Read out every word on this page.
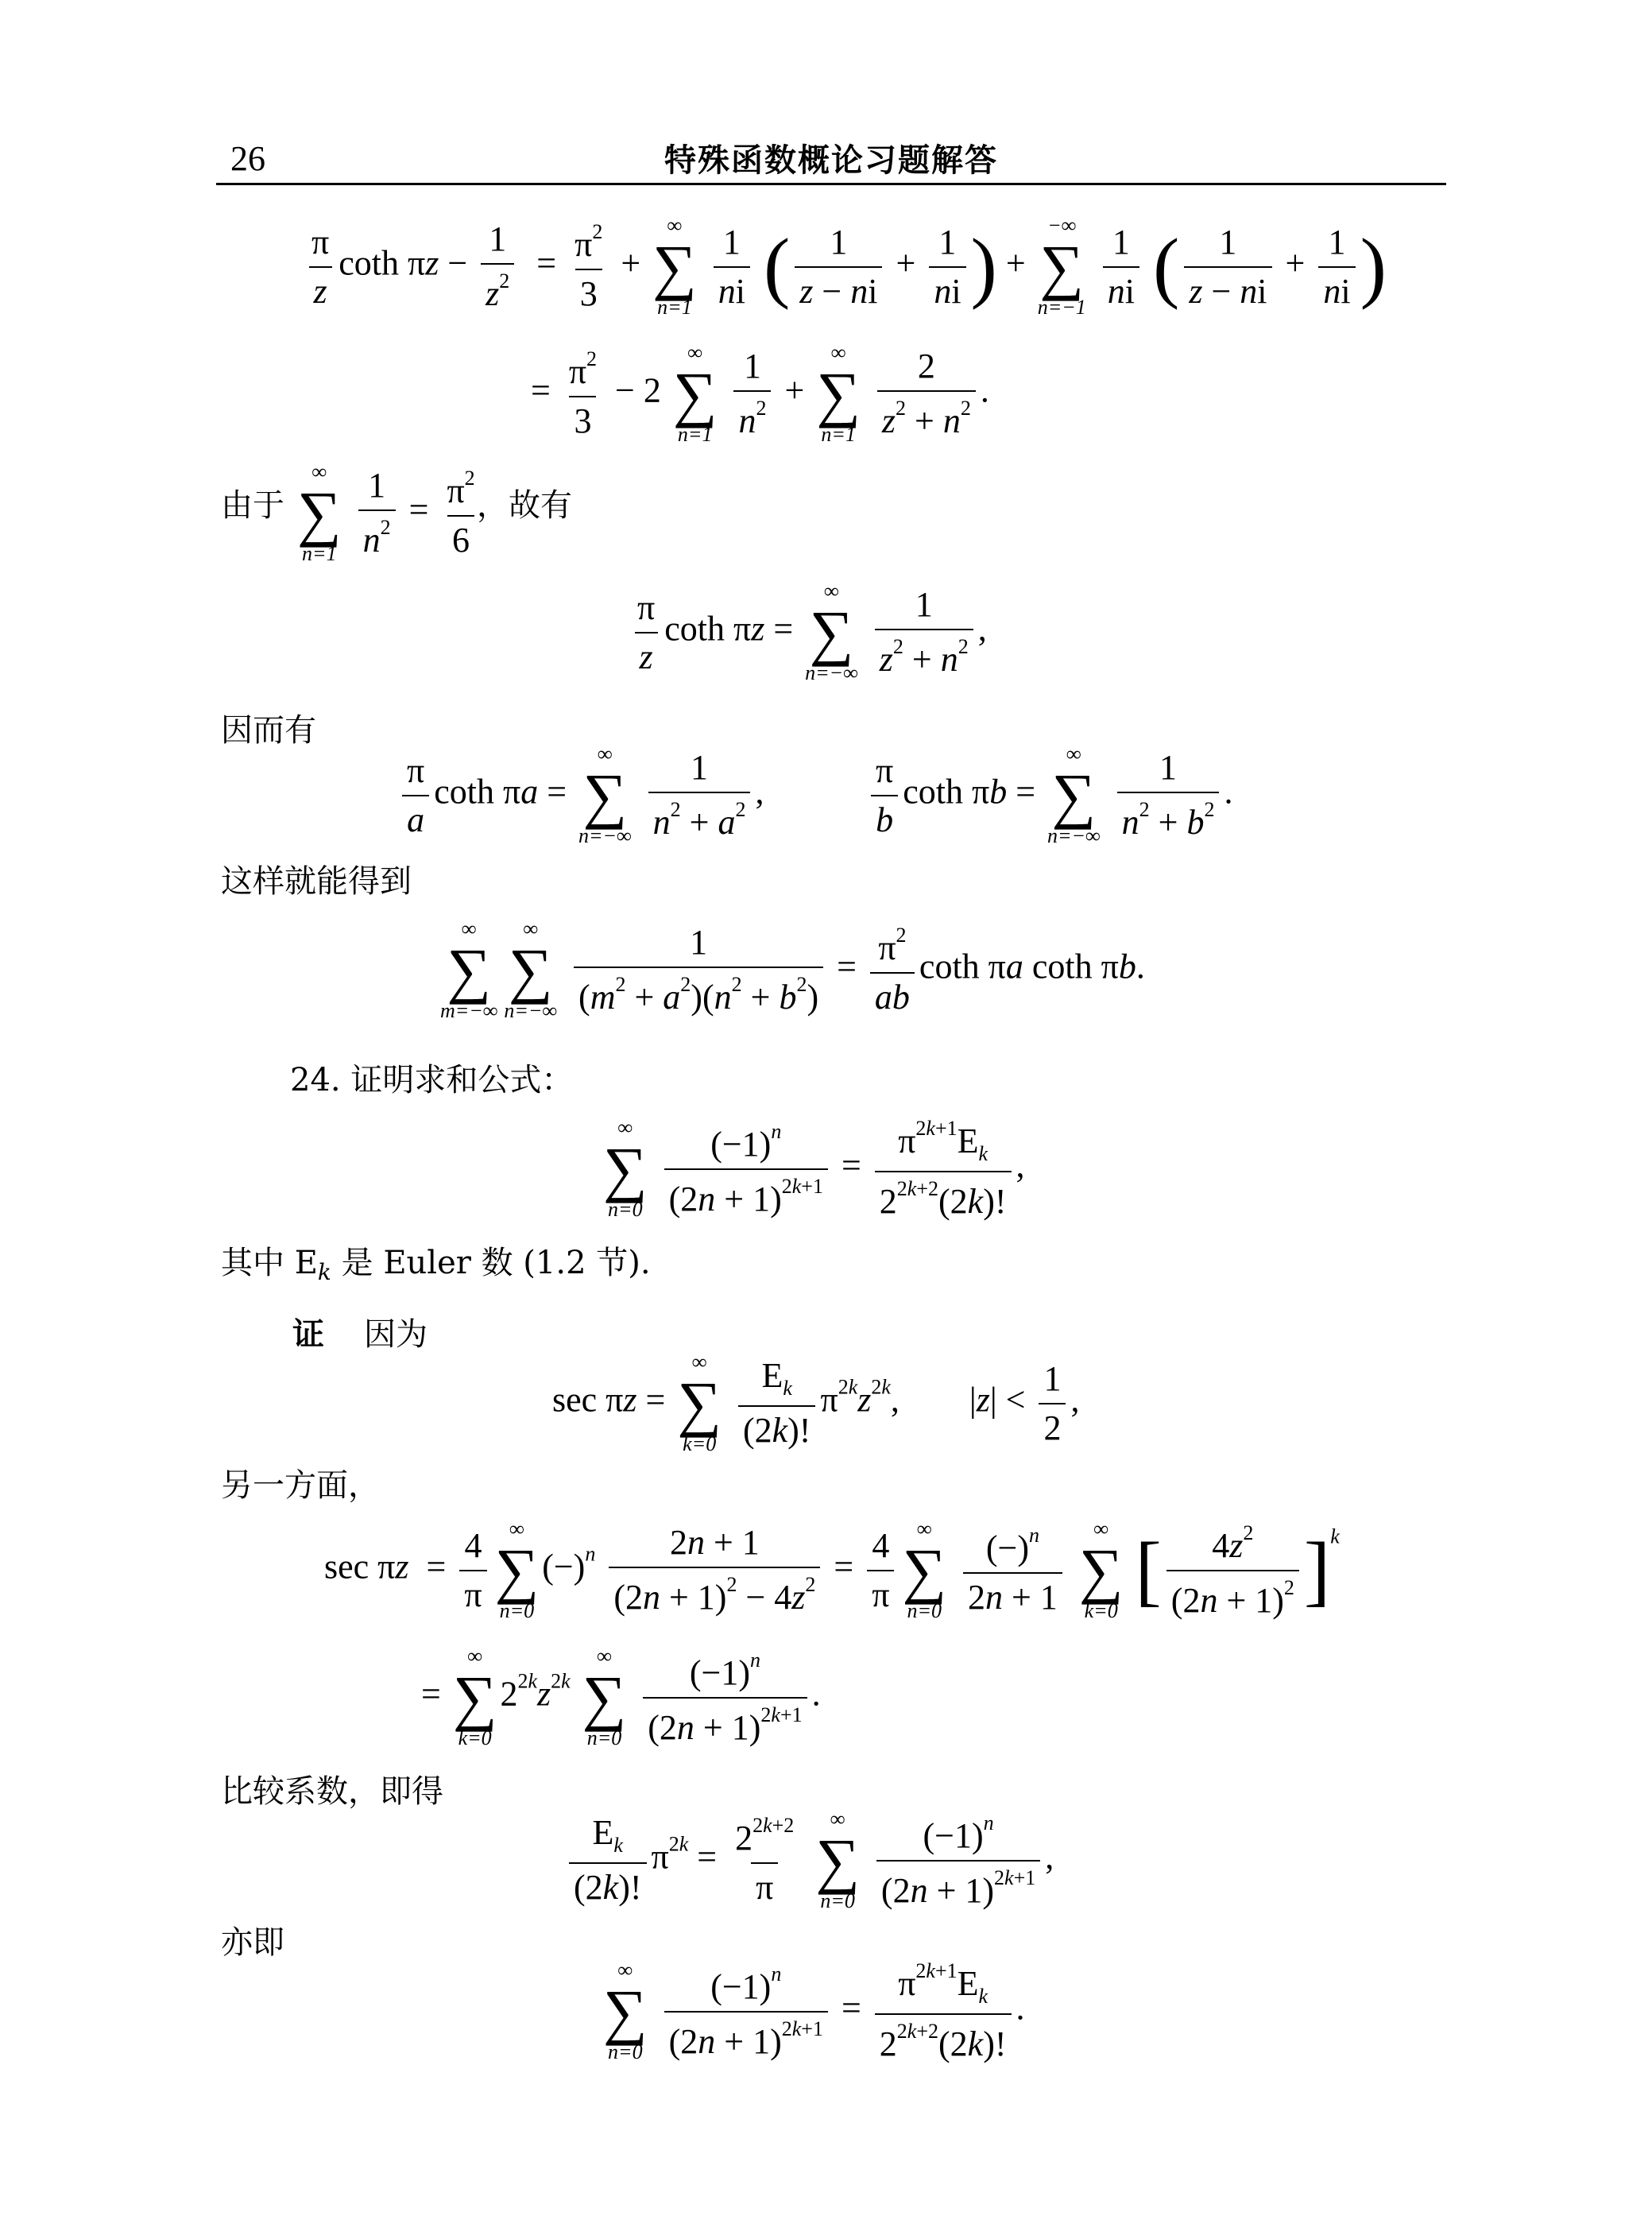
26	特殊函数概论习题解答
$\frac{\pi}{z}$ coth $\pi z - \frac{1}{z^2} = \frac{\pi^2}{3}$ +
∞
∑
n=1
$\frac{1}{ni}$ ( $\frac{1}{z - ni} + \frac{1}{ni}$ ) +
−∞
∑
n=−1
$\frac{1}{ni}$ ( $\frac{1}{z - ni} + \frac{1}{ni}$ )
= $\frac{\pi^2}{3} - 2$
∞
∑
n=1
$\frac{1}{n^2}$ +
∞
∑
n=1
$\frac{2}{z^2 + n^2}$ .
由于
∞
∑
n=1
$\frac{1}{n^2} = \frac{\pi^2}{6}$
，故有
$\frac{\pi}{z}$ coth πz =
∞
∑
n=−∞
$\frac{1}{z^2 + n^2}$ ,
因而有
$\frac{\pi}{a}$ coth πa =
∞
∑
n=−∞
$\frac{1}{n^2 + a^2}$ ,	$\frac{\pi}{b}$ coth πb =
∞
∑
n=−∞
$\frac{1}{n^2 + b^2}$ .
这样就能得到
∞
∑
m=−∞
∞
∑
n=−∞
$\frac{1}{(m^2 + a^2)(n^2 + b^2)} = \frac{\pi^2}{ab}$ coth πa coth πb.
24. 证明求和公式：
∞
∑
n=0
$\frac{(-1)^n}{(2n + 1)^{2k+1}} = \frac{\pi^{2k+1}E_k}{2^{2k+2}(2k)!}$ ,
其中 $E_k$ 是 Euler 数 (1.2 节).
证 因为
sec πz =
∞
∑
k=0
$\frac{E_k}{(2k)!} \pi^{2k}z^{2k}$,        $|z| < \frac{1}{2}$ ,
另一方面，
$\sec \pi z = \frac{4}{\pi}$ ∞
∑
n=0
$(-)^n \frac{2n + 1}{(2n + 1)^2 - 4z^2} = \frac{4}{\pi}$ ∞
∑
n=0
$\frac{(-)^n}{2n + 1}$
∞
∑
k=0 [ $\frac{4z^2}{(2n + 1)^2} ]^k$
=
∞
∑
k=0
$2^{2k}z^{2k}$
∞
∑
n=0
$\frac{(-1)^n}{(2n + 1)^{2k+1}}$ .
比较系数，即得
$\frac{E_k}{(2k)!} \pi^{2k} = \frac{2^{2k+2}}{\pi}$
∞
∑
n=0
$\frac{(-1)^n}{(2n + 1)^{2k+1}}$ ,
亦即
∞
∑
n=0
$\frac{(-1)^n}{(2n + 1)^{2k+1}} = \frac{\pi^{2k+1}E_k}{2^{2k+2}(2k)!}$ .
